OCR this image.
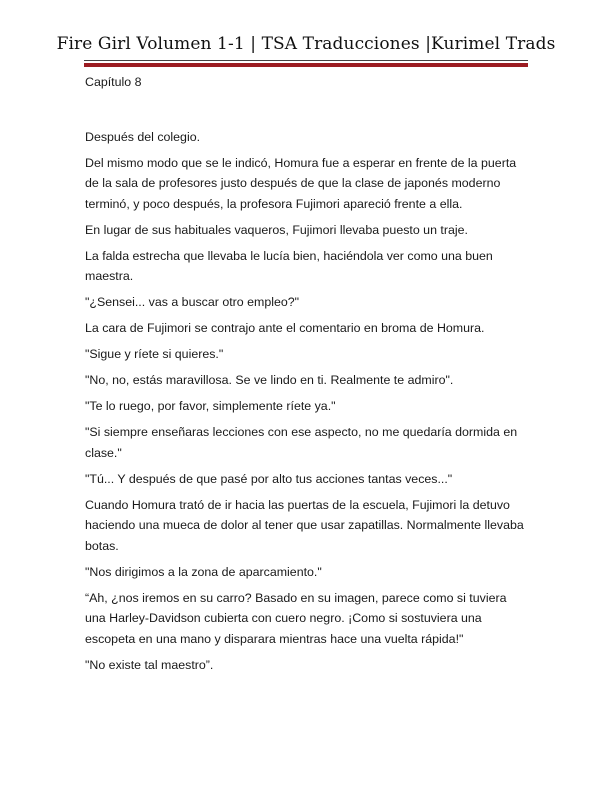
Fire Girl Volumen 1-1 | TSA Traducciones |Kurimel Trads

Capítulo 8

Después del colegio.

Del mismo modo que se le indicó, Homura fue a esperar en frente de la puerta de la sala de profesores justo después de que la clase de japonés moderno terminó, y poco después, la profesora Fujimori apareció frente a ella.

En lugar de sus habituales vaqueros, Fujimori llevaba puesto un traje.

La falda estrecha que llevaba le lucía bien, haciéndola ver como una buen maestra.

"¿Sensei... vas a buscar otro empleo?"

La cara de Fujimori se contrajo ante el comentario en broma de Homura.

"Sigue y ríete si quieres."

"No, no, estás maravillosa. Se ve lindo en ti. Realmente te admiro".

"Te lo ruego, por favor, simplemente ríete ya."

"Si siempre enseñaras lecciones con ese aspecto, no me quedaría dormida en clase."

"Tú... Y después de que pasé por alto tus acciones tantas veces..."

Cuando Homura trató de ir hacia las puertas de la escuela, Fujimori la detuvo haciendo una mueca de dolor al tener que usar zapatillas. Normalmente llevaba botas.

"Nos dirigimos a la zona de aparcamiento."

“Ah, ¿nos iremos en su carro? Basado en su imagen, parece como si tuviera una Harley-Davidson cubierta con cuero negro. ¡Como si sostuviera una escopeta en una mano y disparara mientras hace una vuelta rápida!"

"No existe tal maestro”.
